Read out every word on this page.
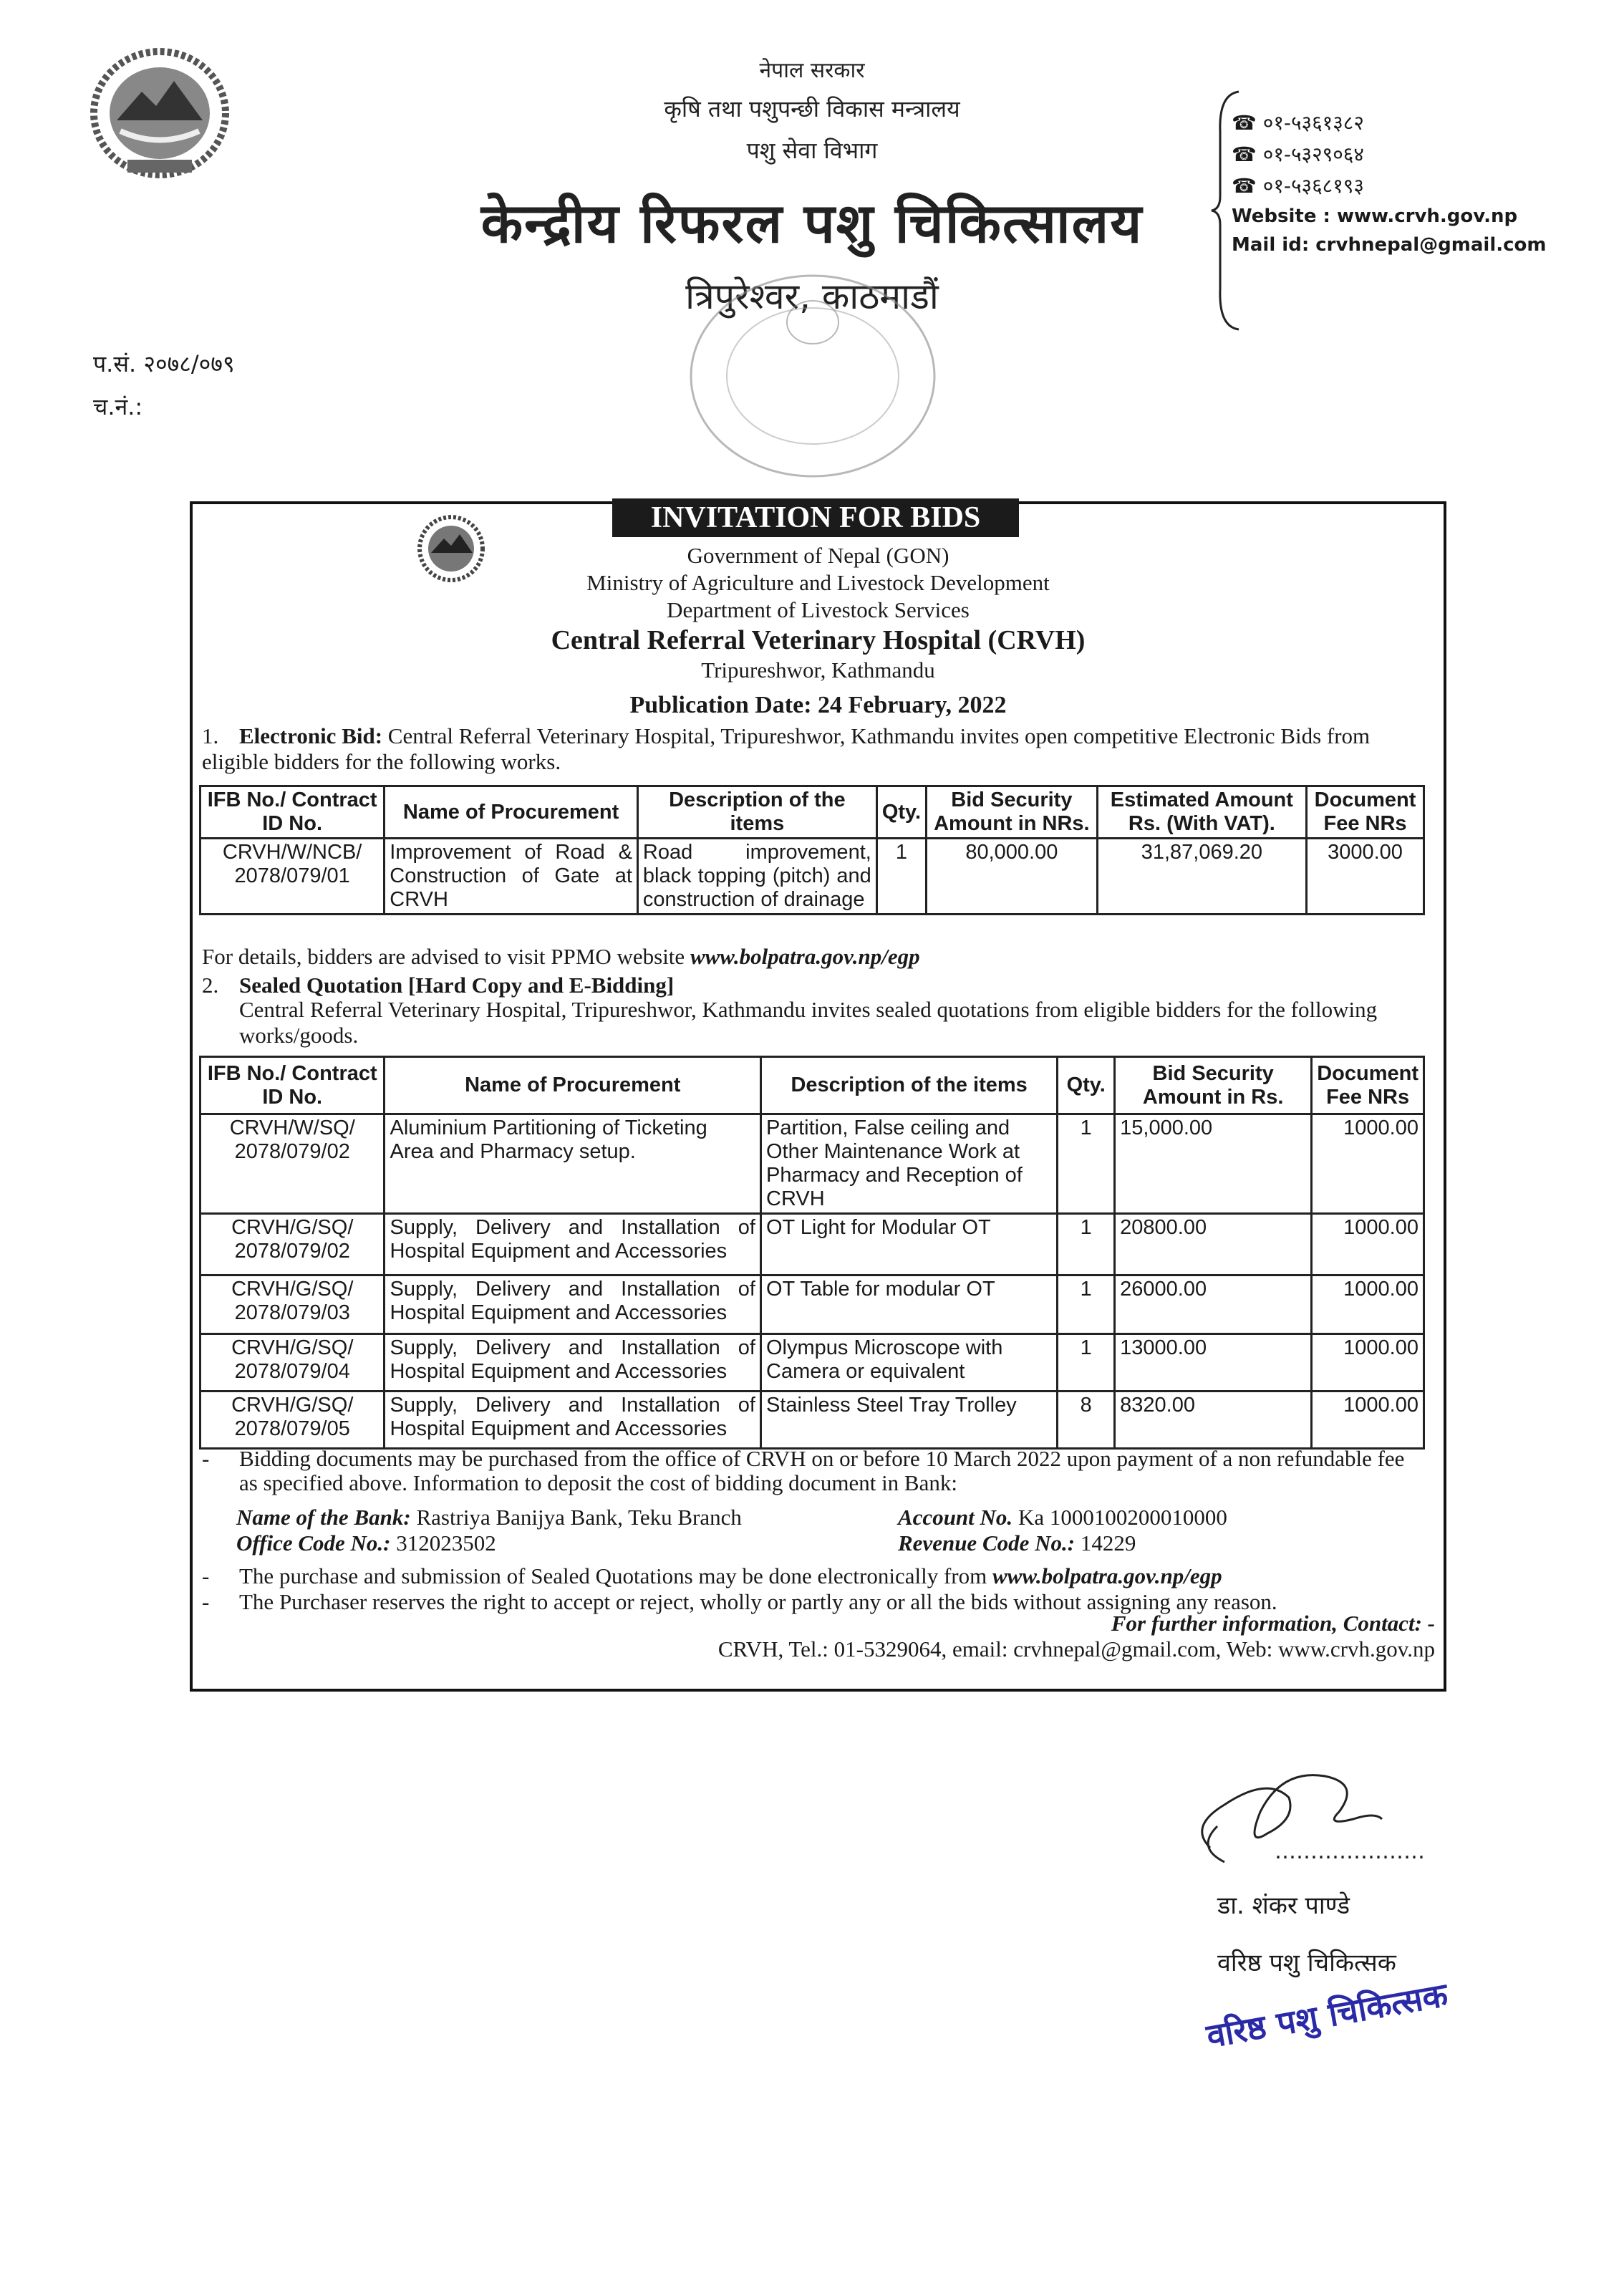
नेपाल सरकार
कृषि तथा पशुपन्छी विकास मन्त्रालय
पशु सेवा विभाग
केन्द्रीय रिफरल पशु चिकित्सालय
त्रिपुरेश्वर, काठमाडौं
☎ ०१-५३६१३८२
☎ ०१-५३२९०६४
☎ ०१-५३६८१९३
Website : www.crvh.gov.np
Mail id: crvhnepal@gmail.com
प.सं. २०७८/०७९
च.नं.:
INVITATION FOR BIDS
Government of Nepal (GON)
Ministry of Agriculture and Livestock Development
Department of Livestock Services
Central Referral Veterinary Hospital (CRVH)
Tripureshwor, Kathmandu
Publication Date: 24 February, 2022
1. Electronic Bid: Central Referral Veterinary Hospital, Tripureshwor, Kathmandu invites open competitive Electronic Bids from eligible bidders for the following works.
IFB No./ Contract ID No.	Name of Procurement	Description of the items	Qty.	Bid Security Amount in NRs.	Estimated Amount Rs. (With VAT).	Document Fee NRs
CRVH/W/NCB/ 2078/079/01	Improvement of Road & Construction of Gate at CRVH	Road improvement, black topping (pitch) and construction of drainage	1	80,000.00	31,87,069.20	3000.00
For details, bidders are advised to visit PPMO website www.bolpatra.gov.np/egp
2. Sealed Quotation [Hard Copy and E-Bidding]
Central Referral Veterinary Hospital, Tripureshwor, Kathmandu invites sealed quotations from eligible bidders for the following works/goods.
IFB No./ Contract ID No.	Name of Procurement	Description of the items	Qty.	Bid Security Amount in Rs.	Document Fee NRs
CRVH/W/SQ/ 2078/079/02	Aluminium Partitioning of Ticketing Area and Pharmacy setup.	Partition, False ceiling and Other Maintenance Work at Pharmacy and Reception of CRVH	1	15,000.00	1000.00
CRVH/G/SQ/ 2078/079/02	Supply, Delivery and Installation of Hospital Equipment and Accessories	OT Light for Modular OT	1	20800.00	1000.00
CRVH/G/SQ/ 2078/079/03	Supply, Delivery and Installation of Hospital Equipment and Accessories	OT Table for modular OT	1	26000.00	1000.00
CRVH/G/SQ/ 2078/079/04	Supply, Delivery and Installation of Hospital Equipment and Accessories	Olympus Microscope with Camera or equivalent	1	13000.00	1000.00
CRVH/G/SQ/ 2078/079/05	Supply, Delivery and Installation of Hospital Equipment and Accessories	Stainless Steel Tray Trolley	8	8320.00	1000.00
- Bidding documents may be purchased from the office of CRVH on or before 10 March 2022 upon payment of a non refundable fee as specified above. Information to deposit the cost of bidding document in Bank:
Name of the Bank: Rastriya Banijya Bank, Teku Branch	Account No. Ka 1000100200010000
Office Code No.: 312023502	Revenue Code No.: 14229
- The purchase and submission of Sealed Quotations may be done electronically from www.bolpatra.gov.np/egp
- The Purchaser reserves the right to accept or reject, wholly or partly any or all the bids without assigning any reason.
For further information, Contact: -
CRVH, Tel.: 01-5329064, email: crvhnepal@gmail.com, Web: www.crvh.gov.np
…………………
डा. शंकर पाण्डे
वरिष्ठ पशु चिकित्सक
वरिष्ठ पशु चिकित्सक
